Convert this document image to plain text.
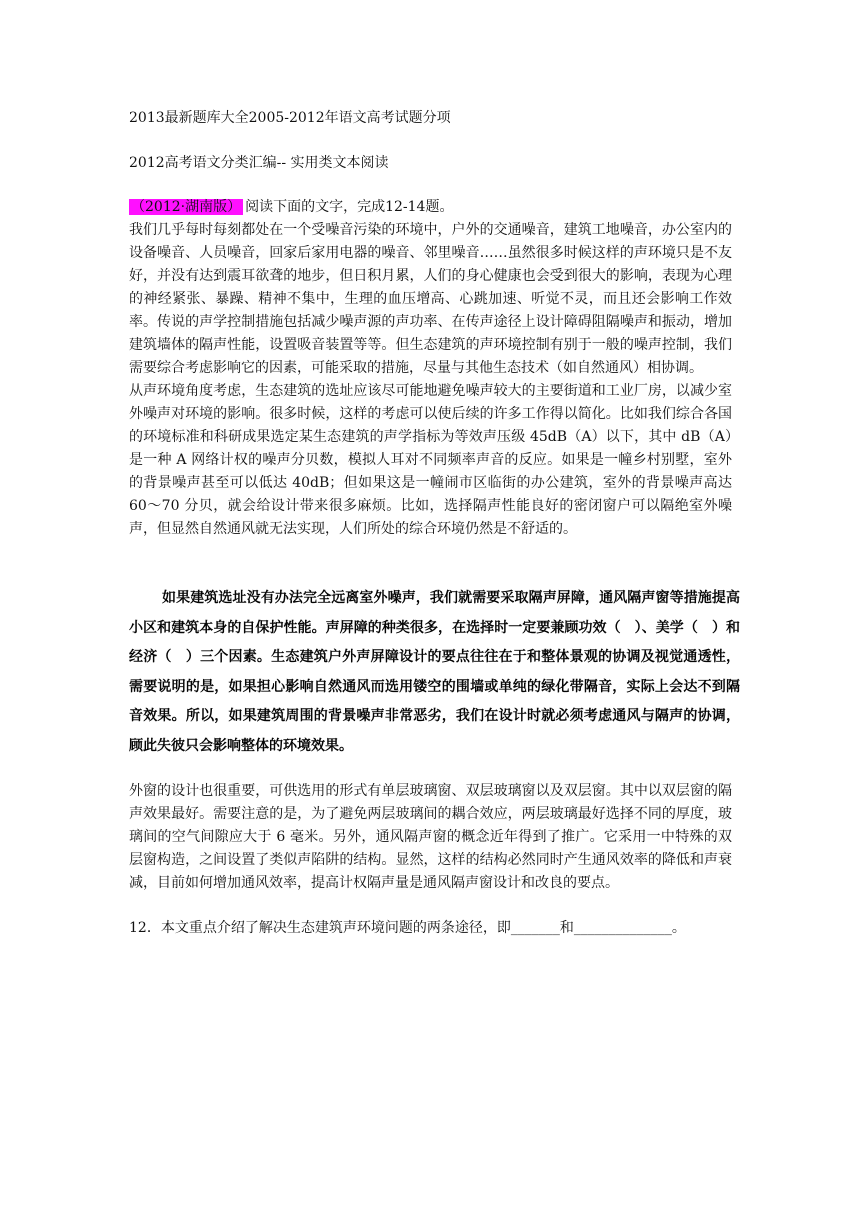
2013最新题库大全2005-2012年语文高考试题分项
2012高考语文分类汇编-- 实用类文本阅读

（2012·湖南版） 阅读下面的文字，完成12-14题。

我们几乎每时每刻都处在一个受噪音污染的环境中，户外的交通噪音，建筑工地噪音，办公室内的设备噪音、人员噪音，回家后家用电器的噪音、邻里噪音……虽然很多时候这样的声环境只是不友好，并没有达到震耳欲聋的地步，但日积月累，人们的身心健康也会受到很大的影响，表现为心理的神经紧张、暴躁、精神不集中，生理的血压增高、心跳加速、听觉不灵，而且还会影响工作效率。传说的声学控制措施包括减少噪声源的声功率、在传声途径上设计障碍阻隔噪声和振动，增加建筑墙体的隔声性能，设置吸音装置等等。但生态建筑的声环境控制有别于一般的噪声控制，我们需要综合考虑影响它的因素，可能采取的措施，尽量与其他生态技术（如自然通风）相协调。

从声环境角度考虑，生态建筑的选址应该尽可能地避免噪声较大的主要街道和工业厂房，以减少室外噪声对环境的影响。很多时候，这样的考虑可以使后续的许多工作得以简化。比如我们综合各国的环境标准和科研成果选定某生态建筑的声学指标为等效声压级 45dB（A）以下，其中 dB（A）是一种 A 网络计权的噪声分贝数，模拟人耳对不同频率声音的反应。如果是一幢乡村别墅，室外的背景噪声甚至可以低达 40dB；但如果这是一幢闹市区临街的办公建筑，室外的背景噪声高达 60～70 分贝，就会给设计带来很多麻烦。比如，选择隔声性能良好的密闭窗户可以隔绝室外噪声，但显然自然通风就无法实现，人们所处的综合环境仍然是不舒适的。

如果建筑选址没有办法完全远离室外噪声，我们就需要采取隔声屏障，通风隔声窗等措施提高小区和建筑本身的自保护性能。声屏障的种类很多，在选择时一定要兼顾功效（　）、美学（　）和经济（　）三个因素。生态建筑户外声屏障设计的要点往往在于和整体景观的协调及视觉通透性，需要说明的是，如果担心影响自然通风而选用镂空的围墙或单纯的绿化带隔音，实际上会达不到隔音效果。所以，如果建筑周围的背景噪声非常恶劣，我们在设计时就必须考虑通风与隔声的协调，顾此失彼只会影响整体的环境效果。

外窗的设计也很重要，可供选用的形式有单层玻璃窗、双层玻璃窗以及双层窗。其中以双层窗的隔声效果最好。需要注意的是，为了避免两层玻璃间的耦合效应，两层玻璃最好选择不同的厚度，玻璃间的空气间隙应大于 6 毫米。另外，通风隔声窗的概念近年得到了推广。它采用一中特殊的双层窗构造，之间设置了类似声陷阱的结构。显然，这样的结构必然同时产生通风效率的降低和声衰减，目前如何增加通风效率，提高计权隔声量是通风隔声窗设计和改良的要点。

12．本文重点介绍了解决生态建筑声环境问题的两条途径，即_______和______________。
